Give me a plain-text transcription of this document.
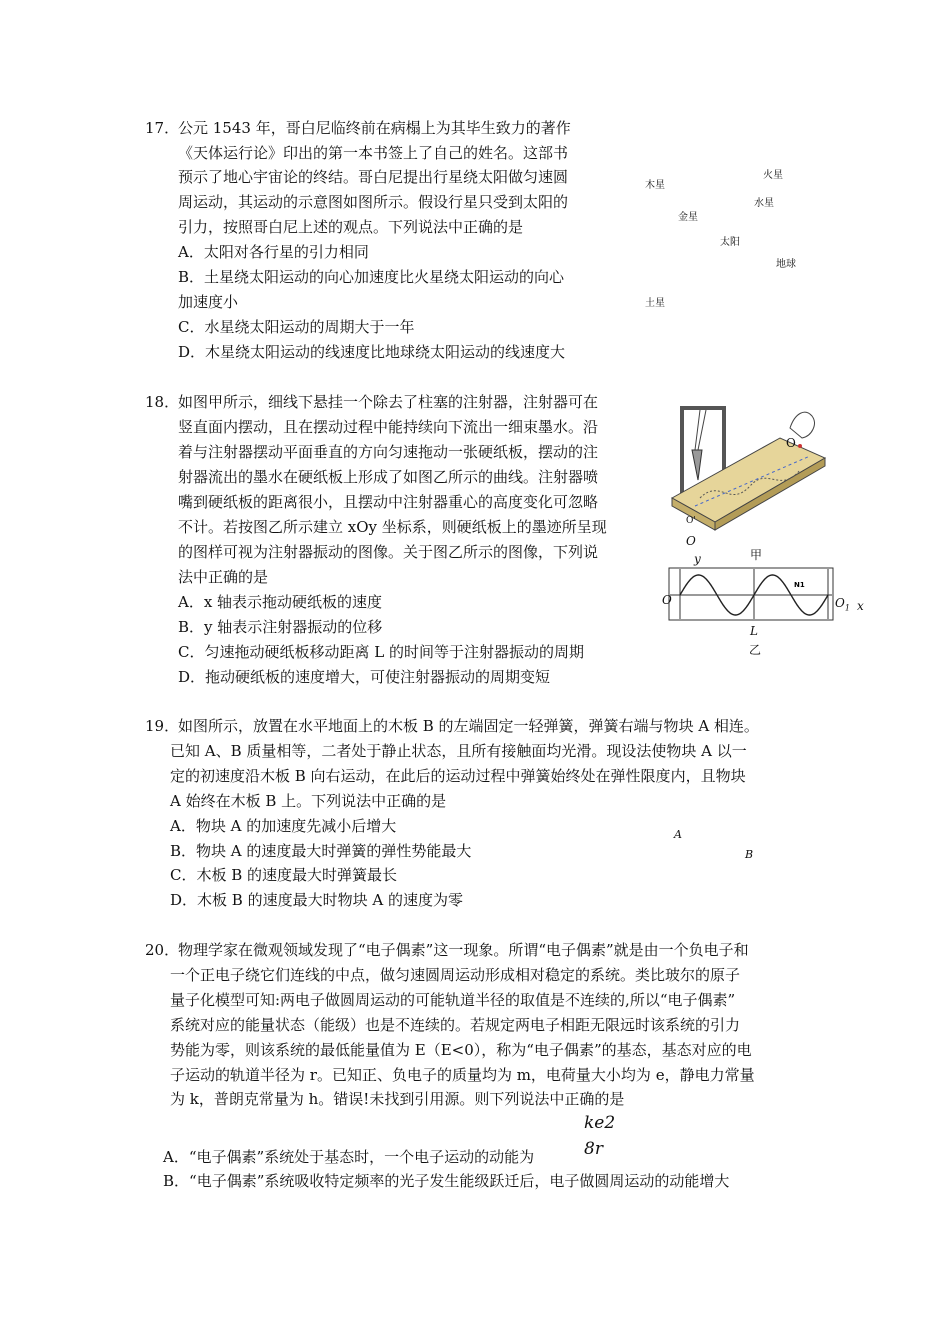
17．
公元 1543 年，哥白尼临终前在病榻上为其毕生致力的著作
《天体运行论》印出的第一本书签上了自己的姓名。这部书
预示了地心宇宙论的终结。哥白尼提出行星绕太阳做匀速圆
周运动，其运动的示意图如图所示。假设行星只受到太阳的
引力，按照哥白尼上述的观点。下列说法中正确的是
A．太阳对各行星的引力相同
B．土星绕太阳运动的向心加速度比火星绕太阳运动的向心
加速度小
C．水星绕太阳运动的周期大于一年
D．木星绕太阳运动的线速度比地球绕太阳运动的线速度大
木星
火星
金星
水星
太阳
地球
土星
18．
如图甲所示，细线下悬挂一个除去了柱塞的注射器，注射器可在
竖直面内摆动，且在摆动过程中能持续向下流出一细束墨水。沿
着与注射器摆动平面垂直的方向匀速拖动一张硬纸板，摆动的注
射器流出的墨水在硬纸板上形成了如图乙所示的曲线。注射器喷
嘴到硬纸板的距离很小，且摆动中注射器重心的高度变化可忽略
不计。若按图乙所示建立 xOy 坐标系，则硬纸板上的墨迹所呈现
的图样可视为注射器振动的图像。关于图乙所示的图像，下列说
法中正确的是
A．x 轴表示拖动硬纸板的速度
B．y 轴表示注射器振动的位移
C．匀速拖动硬纸板移动距离 L 的时间等于注射器振动的周期
D．拖动硬纸板的速度增大，可使注射器振动的周期变短
O
O'
O
甲
N1
y
O	$O_1$ x
L
乙
19．
如图所示，放置在水平地面上的木板 B 的左端固定一轻弹簧，弹簧右端与物块 A 相连。
已知 A、B 质量相等，二者处于静止状态，且所有接触面均光滑。现设法使物块 A 以一
定的初速度沿木板 B 向右运动，在此后的运动过程中弹簧始终处在弹性限度内，且物块
A 始终在木板 B 上。下列说法中正确的是
A．物块 A 的加速度先减小后增大
B．物块 A 的速度最大时弹簧的弹性势能最大
C．木板 B 的速度最大时弹簧最长
D．木板 B 的速度最大时物块 A 的速度为零
A
B
20．
物理学家在微观领域发现了“电子偶素”这一现象。所谓“电子偶素”就是由一个负电子和
一个正电子绕它们连线的中点，做匀速圆周运动形成相对稳定的系统。类比玻尔的原子
量子化模型可知:两电子做圆周运动的可能轨道半径的取值是不连续的,所以“电子偶素”
系统对应的能量状态（能级）也是不连续的。若规定两电子相距无限远时该系统的引力
势能为零，则该系统的最低能量值为 E（E<0），称为“电子偶素”的基态，基态对应的电
子运动的轨道半径为 r。已知正、负电子的质量均为 m，电荷量大小均为 e，静电力常量
为 k，普朗克常量为 h。错误!未找到引用源。则下列说法中正确的是
ke2
8r
A．“电子偶素”系统处于基态时，一个电子运动的动能为
B．“电子偶素”系统吸收特定频率的光子发生能级跃迁后，电子做圆周运动的动能增大
